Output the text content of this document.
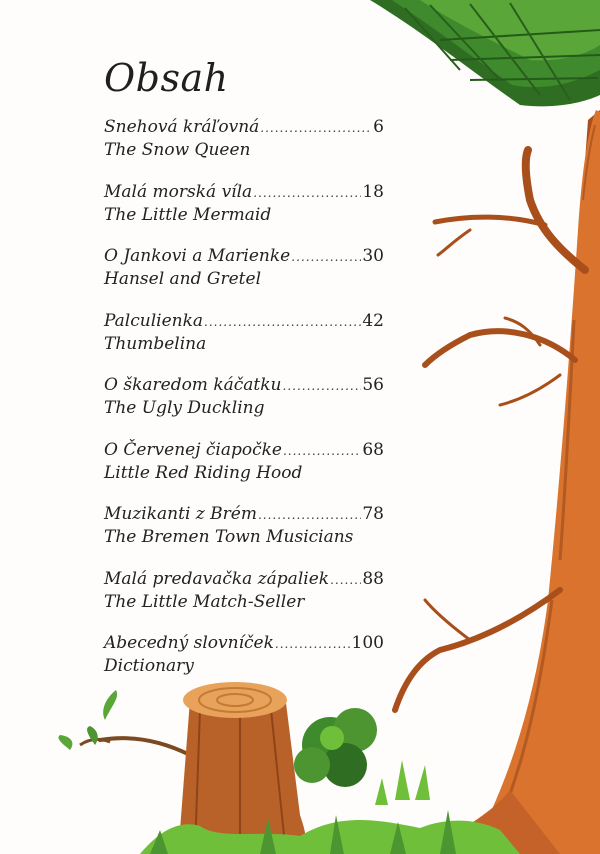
Obsah
Snehová kráľovná .....	6
The Snow Queen
Malá morská víla .....	18
The Little Mermaid
O Jankovi a Marienke .....	30
Hansel and Gretel
Palculienka .....	42
Thumbelina
O škaredom káčatku .....	56
The Ugly Duckling
O Červenej čiapočke .....	68
Little Red Riding Hood
Muzikanti z Brém .....	78
The Bremen Town Musicians
Malá predavačka zápaliek ..... 88
The Little Match-Seller
Abecedný slovníček .....	100
Dictionary
